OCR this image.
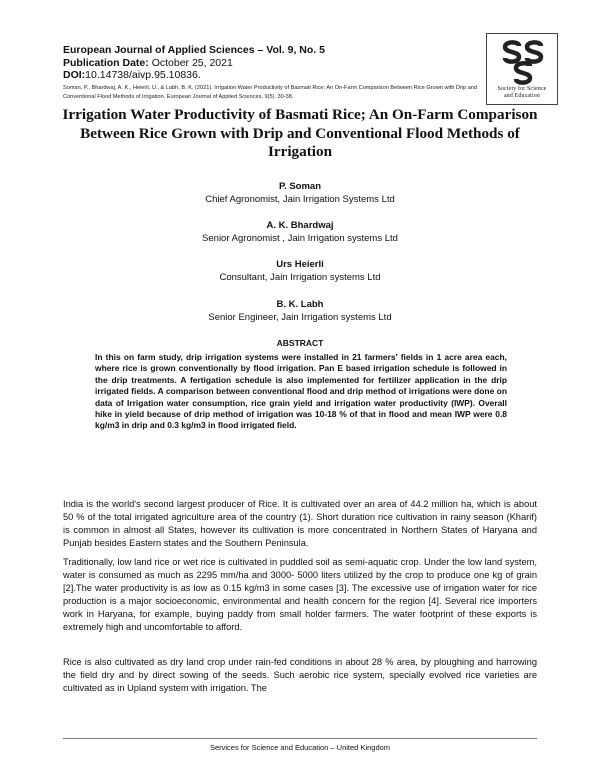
European Journal of Applied Sciences – Vol. 9, No. 5
Publication Date: October 25, 2021
DOI:10.14738/aivp.95.10836.
Soman, P., Bhardwaj, A. K., Heierli, U., & Labh, B. K. (2021). Irrigation Water Productivity of Basmati Rice; An On-Farm Comparison Between Rice Grown with Drip and Conventional Flood Methods of Irrigation. European Journal of Applied Sciences, 9(5). 30-38.
Society for Science
and Education
Irrigation Water Productivity of Basmati Rice; An On-Farm Comparison Between Rice Grown with Drip and Conventional Flood Methods of Irrigation
P. Soman
Chief Agronomist, Jain Irrigation Systems Ltd
A. K. Bhardwaj
Senior Agronomist , Jain Irrigation systems Ltd
Urs Heierli
Consultant, Jain Irrigation systems Ltd
B. K. Labh
Senior Engineer, Jain Irrigation systems Ltd
ABSTRACT
In this on farm study, drip irrigation systems were installed in 21 farmers' fields in 1 acre area each, where rice is grown conventionally by flood irrigation. Pan E based irrigation schedule is followed in the drip treatments. A fertigation schedule is also implemented for fertilizer application in the drip irrigated fields. A comparison between conventional flood and drip method of irrigations were done on data of Irrigation water consumption, rice grain yield and irrigation water productivity (IWP). Overall hike in yield because of drip method of irrigation was 10-18 % of that in flood and mean IWP were 0.8 kg/m3 in drip and 0.3 kg/m3 in flood irrigated field.
India is the world's second largest producer of Rice. It is cultivated over an area of 44.2 million ha, which is about 50 % of the total irrigated agriculture area of the country (1). Short duration rice cultivation in rainy season (Kharif) is common in almost all States, however its cultivation is more concentrated in Northern States of Haryana and Punjab besides Eastern states and the Southern Peninsula.
Traditionally, low land rice or wet rice is cultivated in puddled soil as semi-aquatic crop. Under the low land system, water is consumed as much as 2295 mm/ha and 3000- 5000 liters utilized by the crop to produce one kg of grain [2].The water productivity is as low as 0.15 kg/m3 in some cases [3]. The excessive use of irrigation water for rice production is a major socioeconomic, environmental and health concern for the region [4]. Several rice importers work in Haryana, for example, buying paddy from small holder farmers. The water footprint of these exports is extremely high and uncomfortable to afford.
Rice is also cultivated as dry land crop under rain-fed conditions in about 28 % area, by ploughing and harrowing the field dry and by direct sowing of the seeds. Such aerobic rice system, specially evolved rice varieties are cultivated as in Upland system with irrigation. The
Services for Science and Education – United Kingdom
